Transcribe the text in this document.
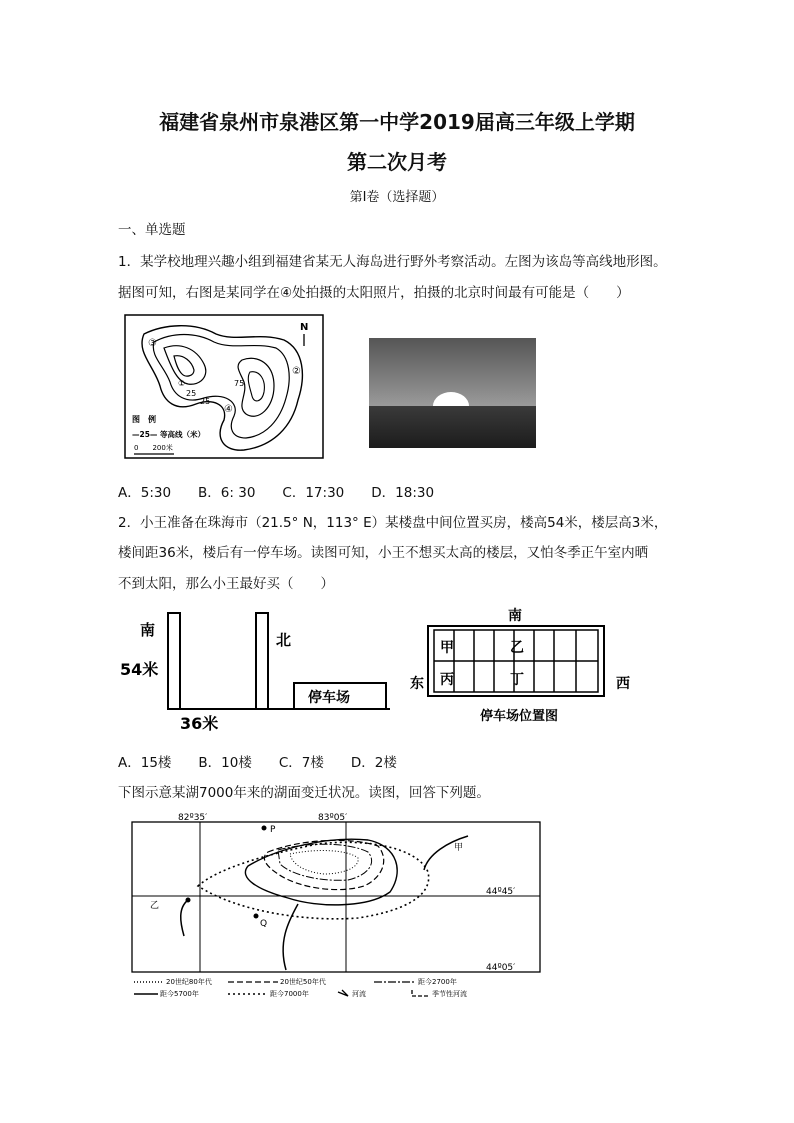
福建省泉州市泉港区第一中学2019届高三年级上学期
第二次月考
第Ⅰ卷（选择题）
一、单选题
1．某学校地理兴趣小组到福建省某无人海岛进行野外考察活动。左图为该岛等高线地形图。
据图可知，右图是某同学在④处拍摄的太阳照片，拍摄的北京时间最有可能是（　　）
N
③
②
④
①	75
25
25
图　例
—25— 等高线（米）
0　　200米
A．5:30　　B．6: 30　　C．17:30　　D．18:30
2．小王准备在珠海市（21.5° N，113° E）某楼盘中间位置买房，楼高54米，楼层高3米，
楼间距36米，楼后有一停车场。读图可知，小王不想买太高的楼层，又怕冬季正午室内晒
不到太阳，那么小王最好买（　　）
南
北
54米
36米
停车场
南
甲	乙
丙	丁
东	西
停车场位置图
A．15楼　　B．10楼　　C．7楼　　D．2楼
下图示意某湖7000年来的湖面变迁状况。读图，回答下列题。
82º35′	83º05′
44º45′
44º05′
P
Q
甲
乙
20世纪80年代	20世纪50年代	距今2700年
距今5700年	距今7000年	河流	季节性河流
